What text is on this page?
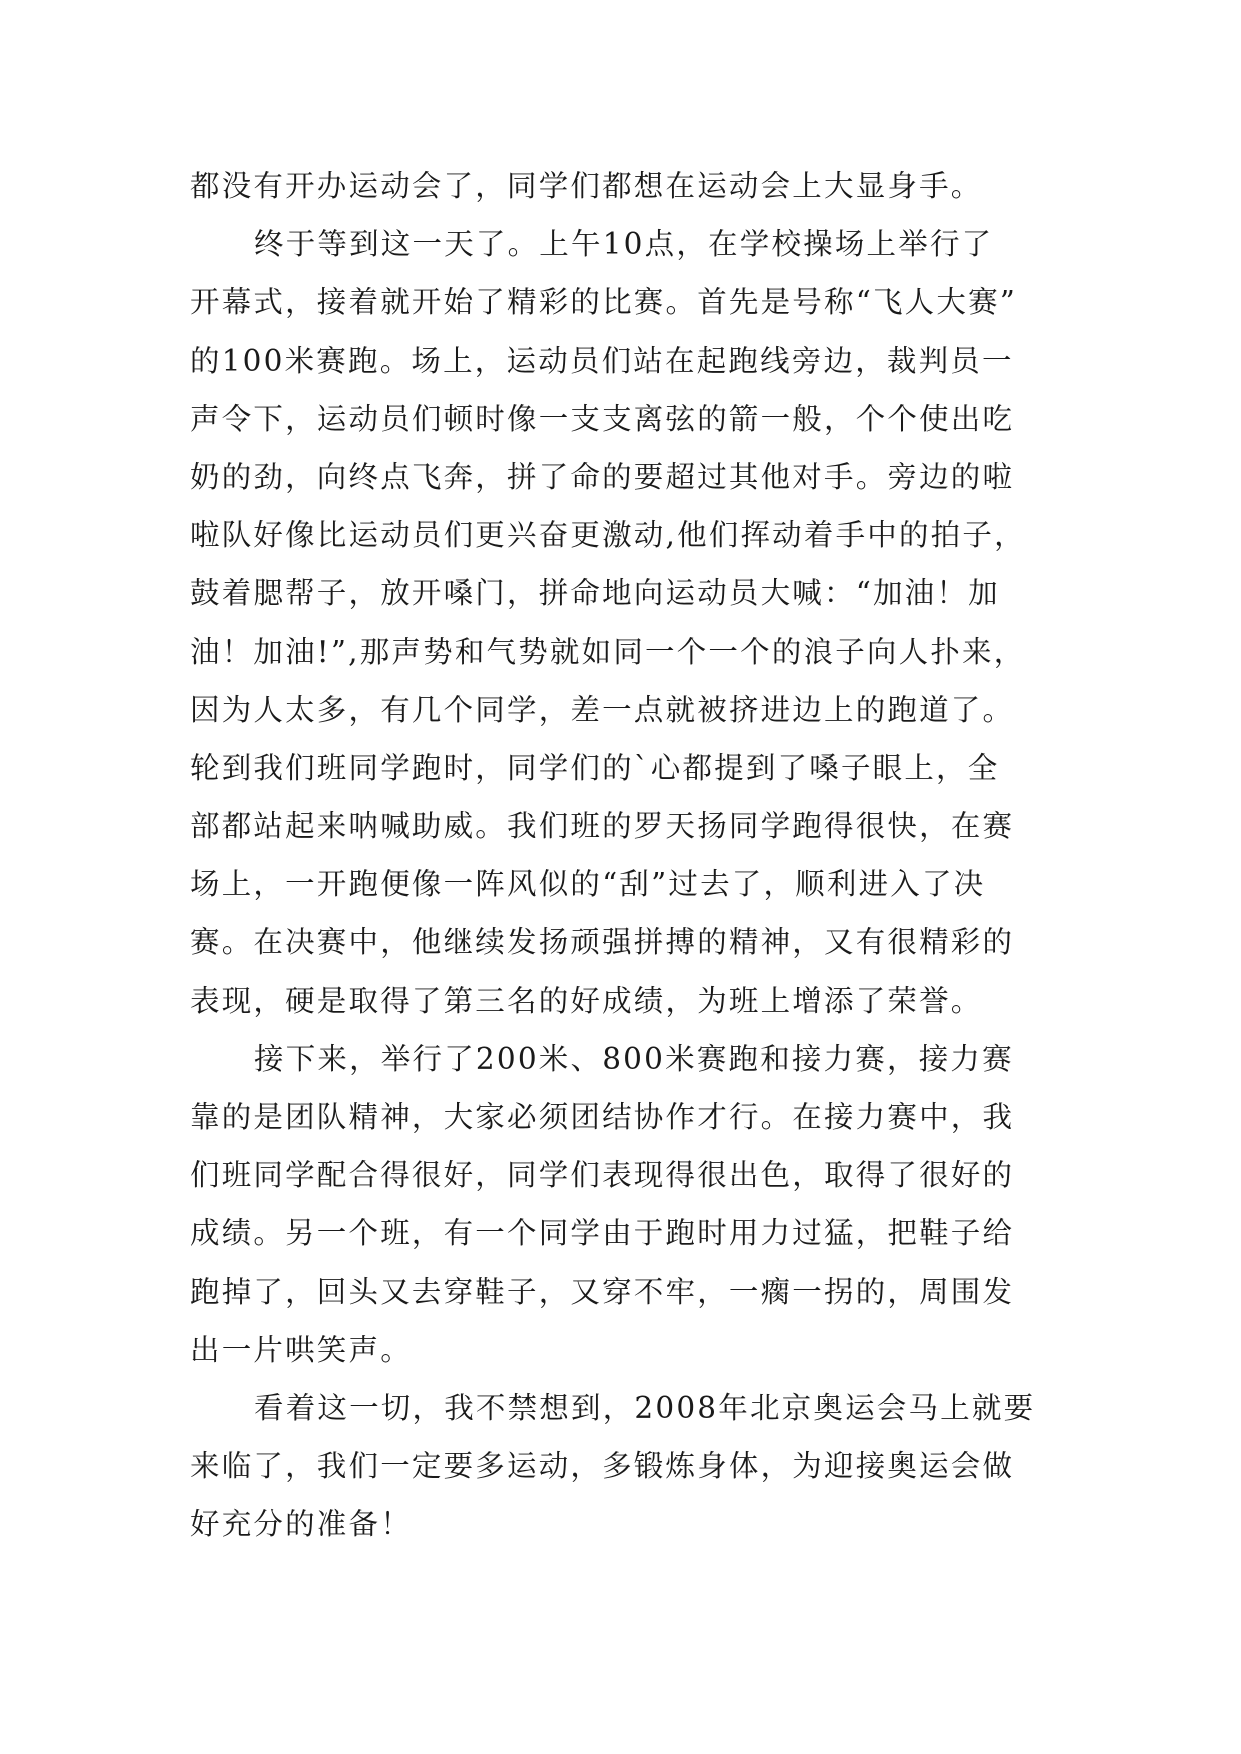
都没有开办运动会了，同学们都想在运动会上大显身手。
终于等到这一天了。上午10点，在学校操场上举行了
开幕式，接着就开始了精彩的比赛。首先是号称“飞人大赛”
的100米赛跑。场上，运动员们站在起跑线旁边，裁判员一
声令下，运动员们顿时像一支支离弦的箭一般，个个使出吃
奶的劲，向终点飞奔，拼了命的要超过其他对手。旁边的啦
啦队好像比运动员们更兴奋更激动,他们挥动着手中的拍子，
鼓着腮帮子，放开嗓门，拼命地向运动员大喊：“加油！加
油！加油!”,那声势和气势就如同一个一个的浪子向人扑来，
因为人太多，有几个同学，差一点就被挤进边上的跑道了。
轮到我们班同学跑时，同学们的`心都提到了嗓子眼上，全
部都站起来呐喊助威。我们班的罗天扬同学跑得很快，在赛
场上，一开跑便像一阵风似的“刮”过去了，顺利进入了决
赛。在决赛中，他继续发扬顽强拼搏的精神，又有很精彩的
表现，硬是取得了第三名的好成绩，为班上增添了荣誉。
接下来，举行了200米、800米赛跑和接力赛，接力赛
靠的是团队精神，大家必须团结协作才行。在接力赛中，我
们班同学配合得很好，同学们表现得很出色，取得了很好的
成绩。另一个班，有一个同学由于跑时用力过猛，把鞋子给
跑掉了，回头又去穿鞋子，又穿不牢，一瘸一拐的，周围发
出一片哄笑声。
看着这一切，我不禁想到，2008年北京奥运会马上就要
来临了，我们一定要多运动，多锻炼身体，为迎接奥运会做
好充分的准备！
